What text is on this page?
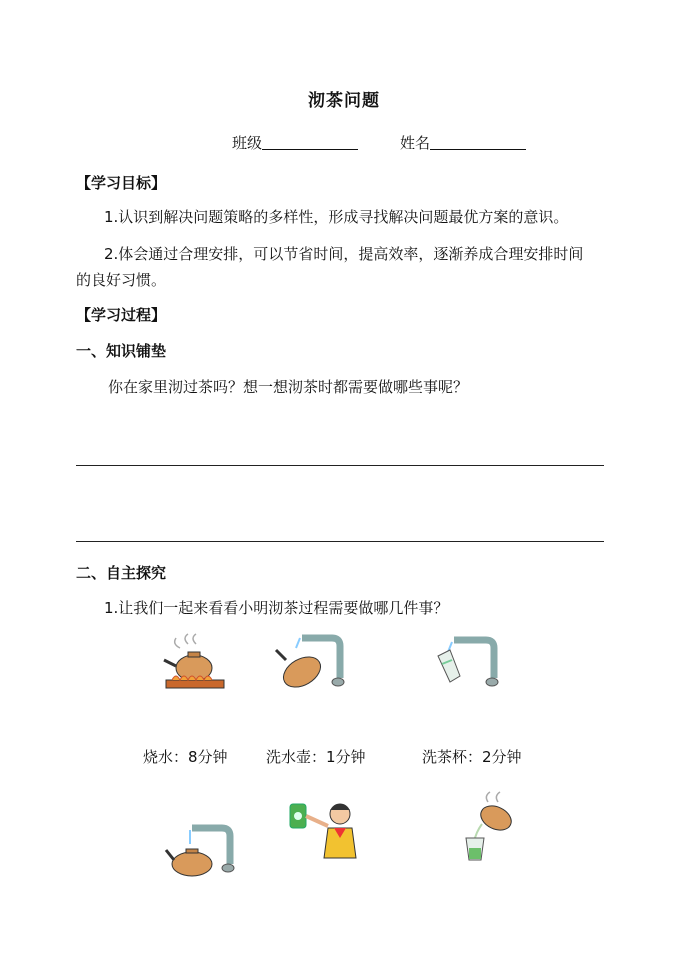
沏茶问题
班级	姓名
【学习目标】
1.认识到解决问题策略的多样性，形成寻找解决问题最优方案的意识。
2.体会通过合理安排，可以节省时间，提高效率，逐渐养成合理安排时间
的良好习惯。
【学习过程】
一、知识铺垫
你在家里沏过茶吗？想一想沏茶时都需要做哪些事呢？
二、自主探究
1.让我们一起来看看小明沏茶过程需要做哪几件事？
烧水：8分钟	洗水壶：1分钟	洗茶杯：2分钟
